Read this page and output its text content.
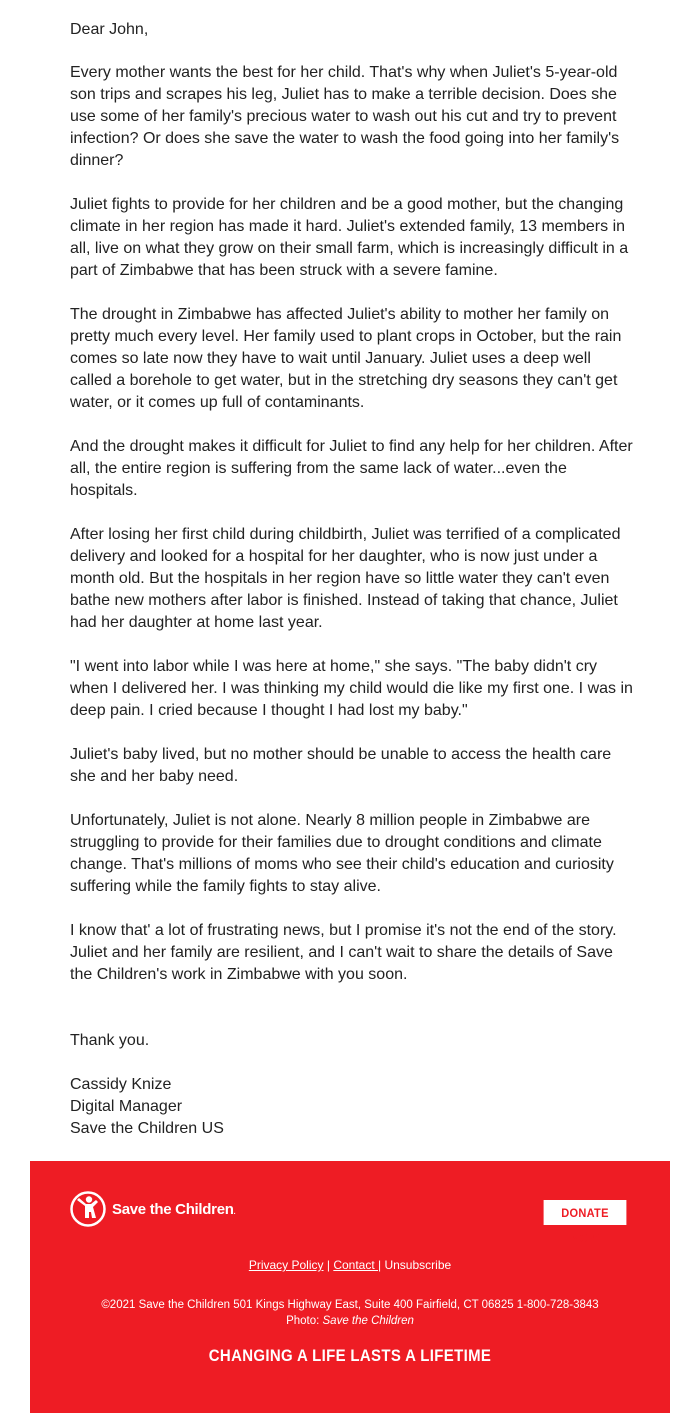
Dear John,

Every mother wants the best for her child. That's why when Juliet's 5-year-old son trips and scrapes his leg, Juliet has to make a terrible decision. Does she use some of her family's precious water to wash out his cut and try to prevent infection? Or does she save the water to wash the food going into her family's dinner?

Juliet fights to provide for her children and be a good mother, but the changing climate in her region has made it hard. Juliet's extended family, 13 members in all, live on what they grow on their small farm, which is increasingly difficult in a part of Zimbabwe that has been struck with a severe famine.

The drought in Zimbabwe has affected Juliet's ability to mother her family on pretty much every level. Her family used to plant crops in October, but the rain comes so late now they have to wait until January. Juliet uses a deep well called a borehole to get water, but in the stretching dry seasons they can't get water, or it comes up full of contaminants.

And the drought makes it difficult for Juliet to find any help for her children. After all, the entire region is suffering from the same lack of water...even the hospitals.

After losing her first child during childbirth, Juliet was terrified of a complicated delivery and looked for a hospital for her daughter, who is now just under a month old. But the hospitals in her region have so little water they can't even bathe new mothers after labor is finished. Instead of taking that chance, Juliet had her daughter at home last year.

"I went into labor while I was here at home," she says. "The baby didn't cry when I delivered her. I was thinking my child would die like my first one. I was in deep pain. I cried because I thought I had lost my baby."

Juliet's baby lived, but no mother should be unable to access the health care she and her baby need.

Unfortunately, Juliet is not alone. Nearly 8 million people in Zimbabwe are struggling to provide for their families due to drought conditions and climate change. That's millions of moms who see their child's education and curiosity suffering while the family fights to stay alive.

I know that' a lot of frustrating news, but I promise it's not the end of the story. Juliet and her family are resilient, and I can't wait to share the details of Save the Children's work in Zimbabwe with you soon.

Thank you.

Cassidy Knize
Digital Manager
Save the Children US

Save the Children.	DONATE NOW
Privacy Policy | Contact | Unsubscribe
©2021 Save the Children 501 Kings Highway East, Suite 400 Fairfield, CT 06825 1-800-728-3843
Photo: Save the Children
CHANGING A LIFE LASTS A LIFETIME
